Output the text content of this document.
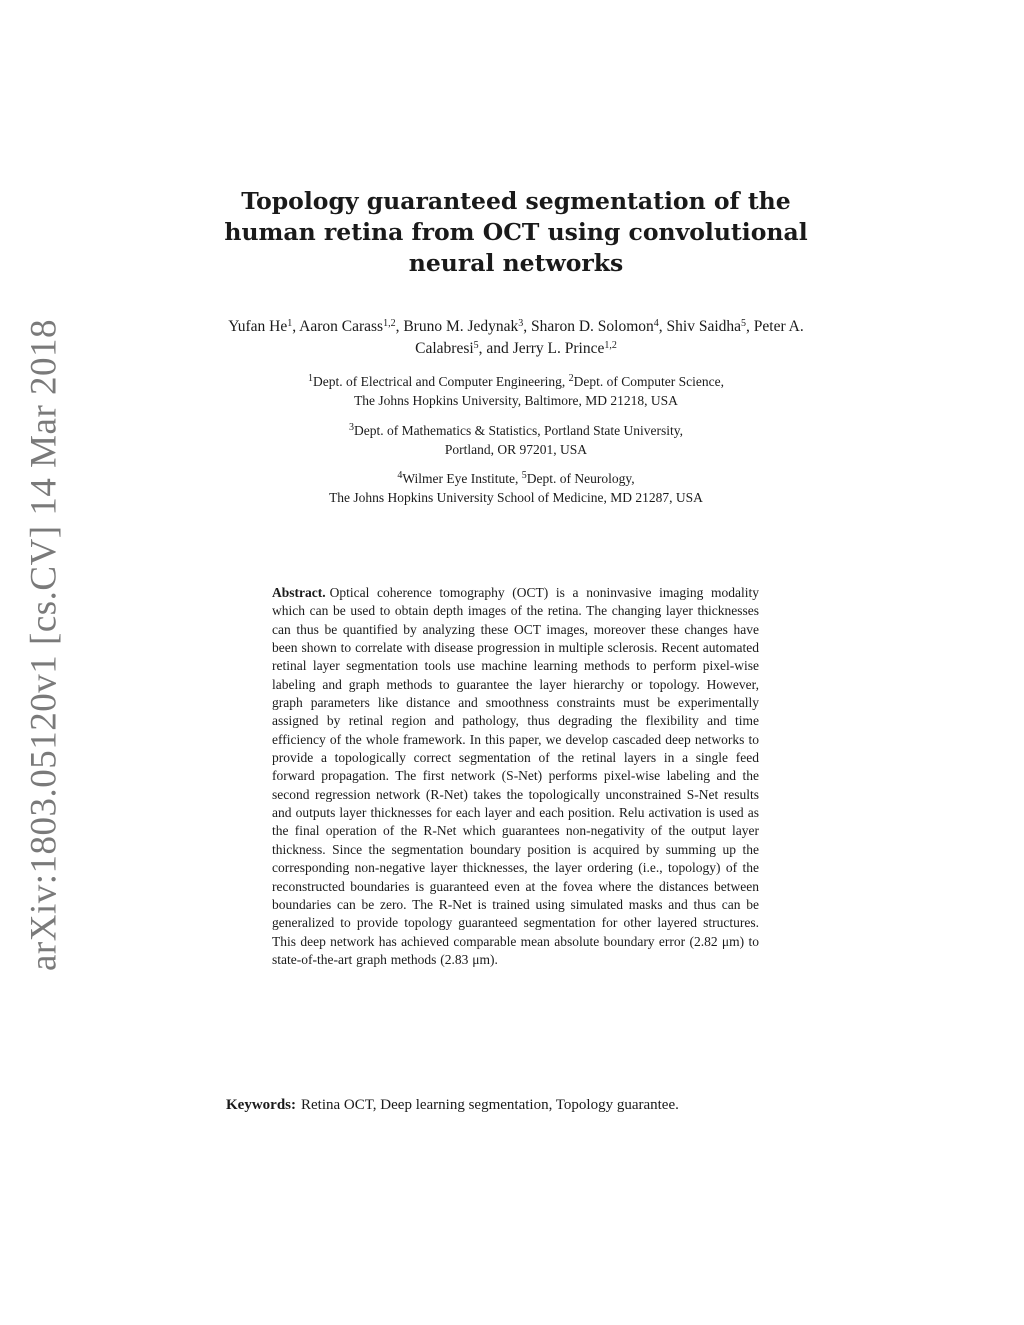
arXiv:1803.05120v1 [cs.CV] 14 Mar 2018
Topology guaranteed segmentation of the human retina from OCT using convolutional neural networks
Yufan He$^1$, Aaron Carass$^{1,2}$, Bruno M. Jedynak$^3$, Sharon D. Solomon$^4$, Shiv Saidha$^5$, Peter A. Calabresi$^5$, and Jerry L. Prince$^{1,2}$

$^1$Dept. of Electrical and Computer Engineering, $^2$Dept. of Computer Science,

The Johns Hopkins University, Baltimore, MD 21218, USA

$^3$Dept. of Mathematics & Statistics, Portland State University,

Portland, OR 97201, USA

$^4$Wilmer Eye Institute, $^5$Dept. of Neurology,

The Johns Hopkins University School of Medicine, MD 21287, USA

Abstract. Optical coherence tomography (OCT) is a noninvasive imaging modality which can be used to obtain depth images of the retina. The changing layer thicknesses can thus be quantified by analyzing these OCT images, moreover these changes have been shown to correlate with disease progression in multiple sclerosis. Recent automated retinal layer segmentation tools use machine learning methods to perform pixel-wise labeling and graph methods to guarantee the layer hierarchy or topology. However, graph parameters like distance and smoothness constraints must be experimentally assigned by retinal region and pathology, thus degrading the flexibility and time efficiency of the whole framework. In this paper, we develop cascaded deep networks to provide a topologically correct segmentation of the retinal layers in a single feed forward propagation. The first network (S-Net) performs pixel-wise labeling and the second regression network (R-Net) takes the topologically unconstrained S-Net results and outputs layer thicknesses for each layer and each position. Relu activation is used as the final operation of the R-Net which guarantees non-negativity of the output layer thickness. Since the segmentation boundary position is acquired by summing up the corresponding non-negative layer thicknesses, the layer ordering (i.e., topology) of the reconstructed boundaries is guaranteed even at the fovea where the distances between boundaries can be zero. The R-Net is trained using simulated masks and thus can be generalized to provide topology guaranteed segmentation for other layered structures. This deep network has achieved comparable mean absolute boundary error (2.82 μm) to state-of-the-art graph methods (2.83 μm).
Keywords: Retina OCT, Deep learning segmentation, Topology guarantee.
